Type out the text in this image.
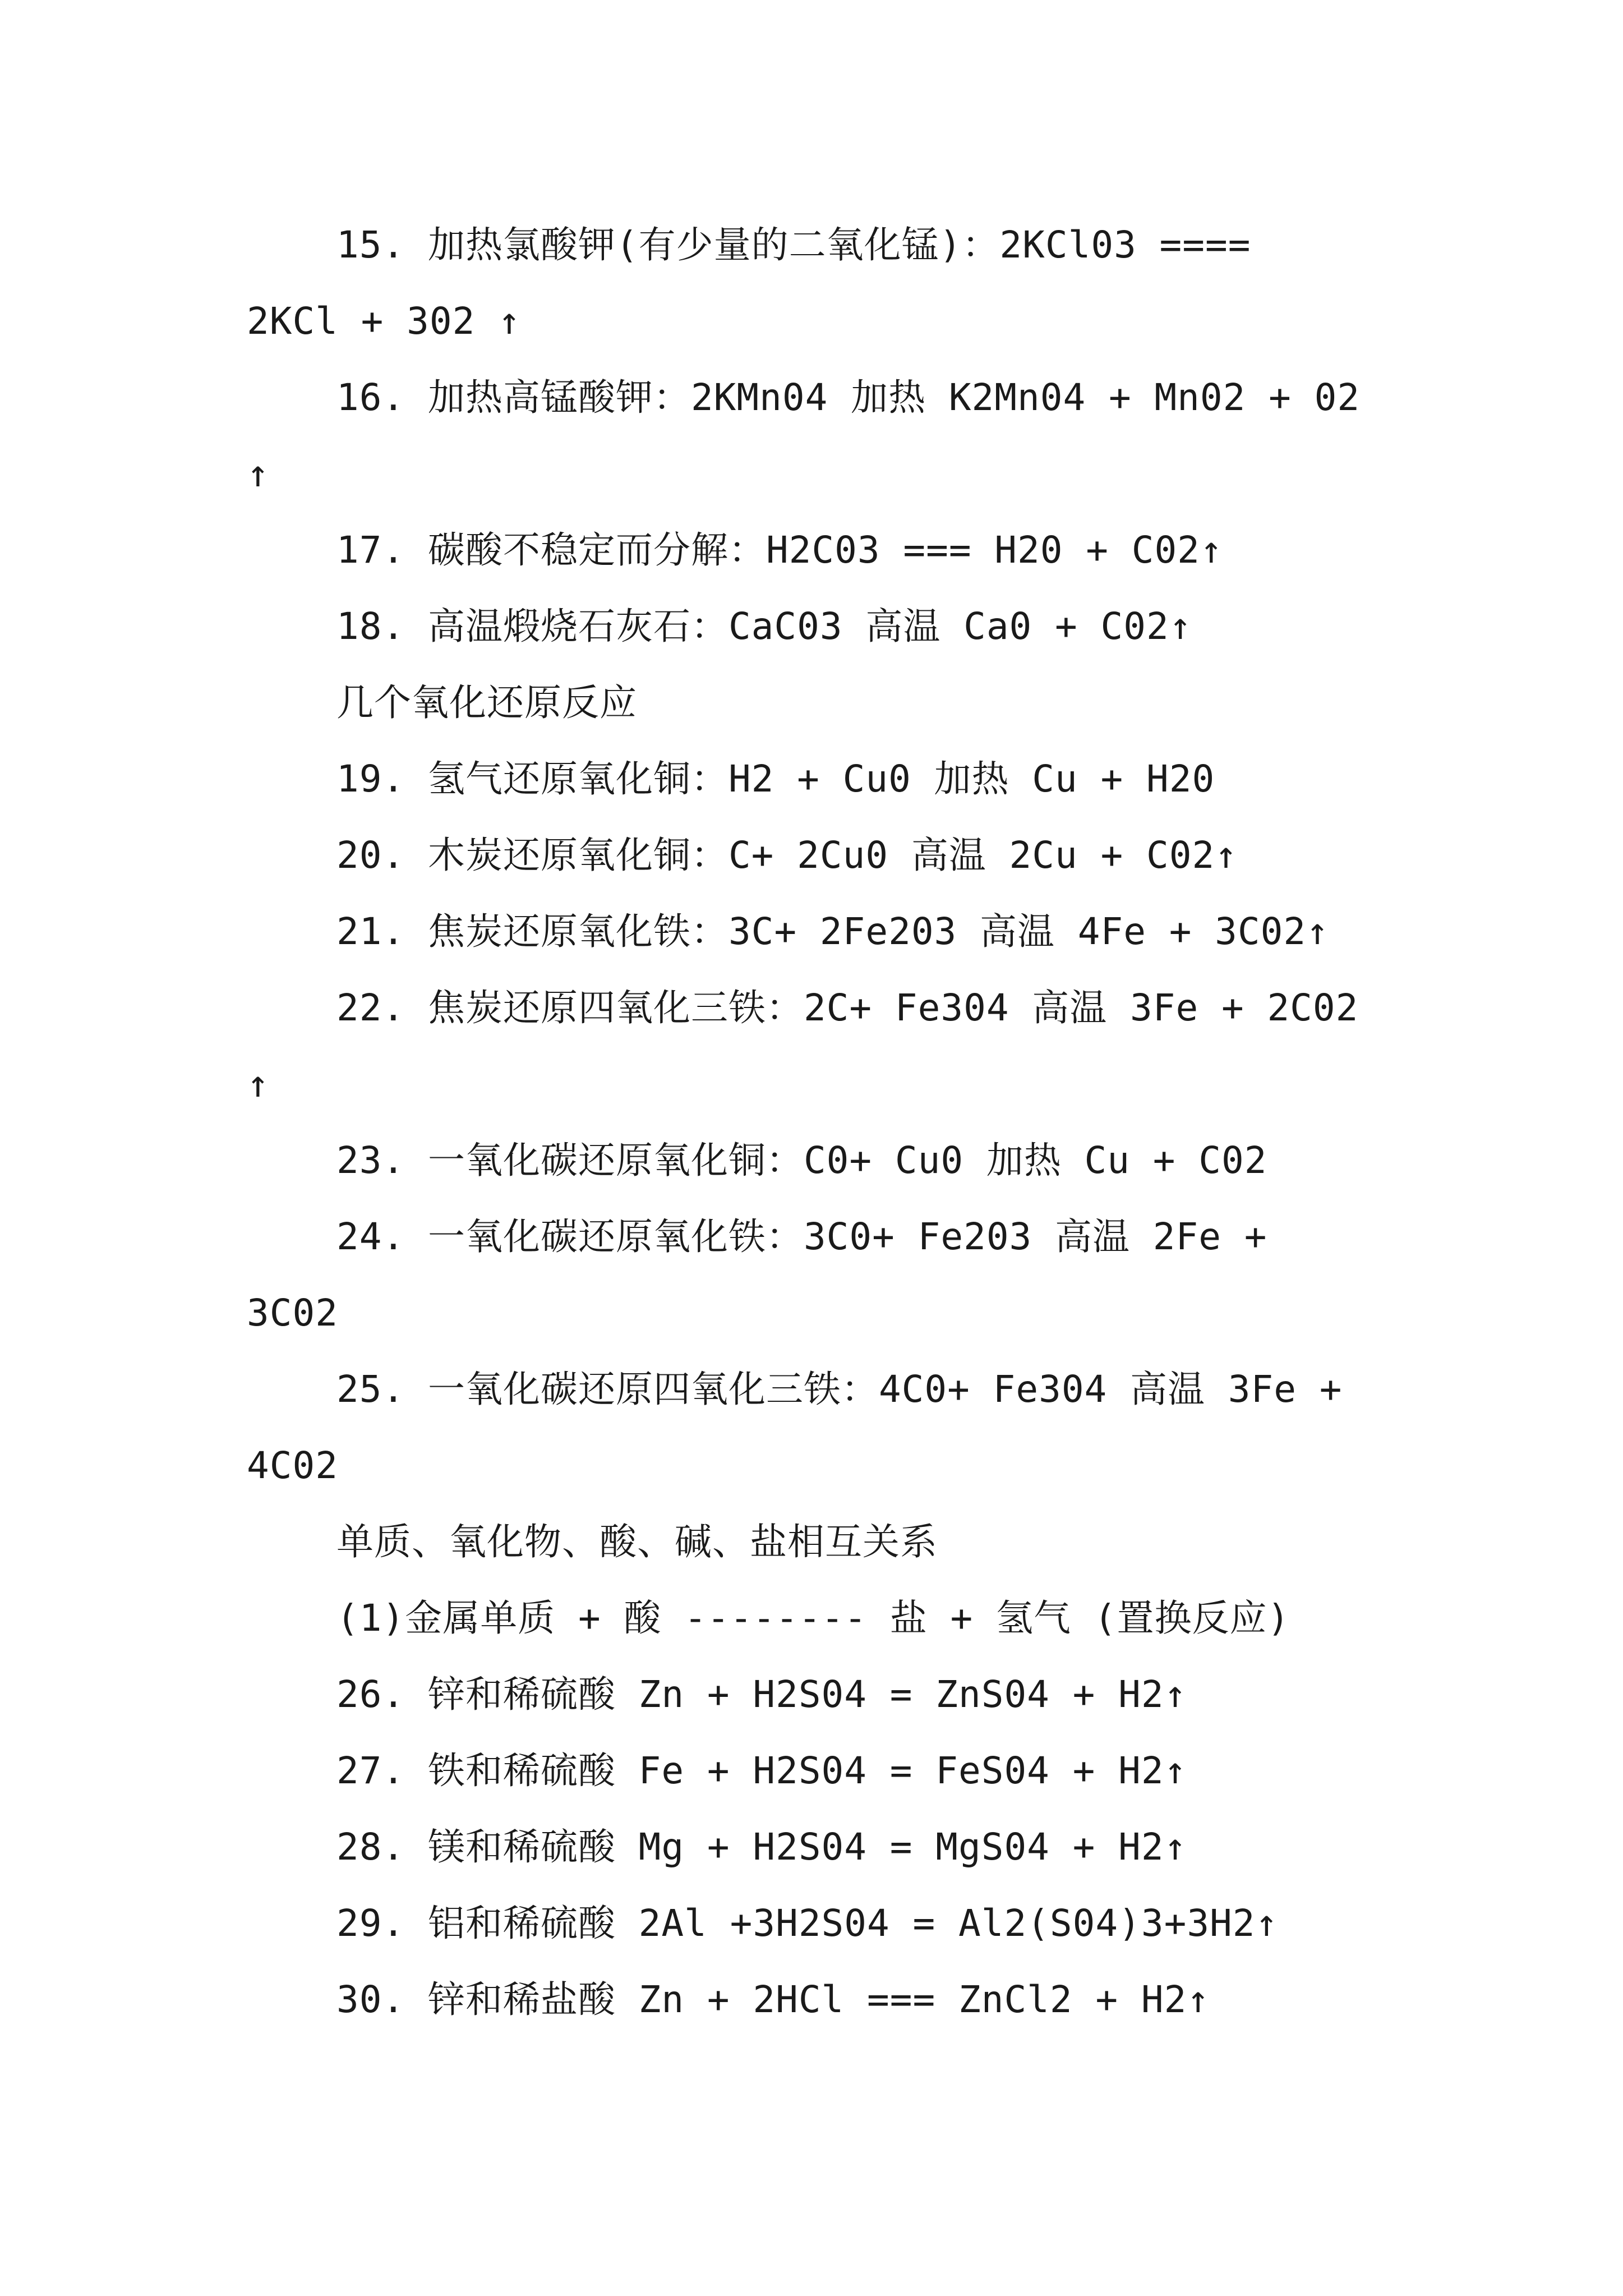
15. 加热氯酸钾(有少量的二氧化锰)：2KCl03 ====
2KCl + 302 ↑
16. 加热高锰酸钾：2KMn04 加热 K2Mn04 + Mn02 + 02
↑
17. 碳酸不稳定而分解：H2C03 === H20 + C02↑
18. 高温煅烧石灰石：CaC03 高温 Ca0 + C02↑
几个氧化还原反应
19. 氢气还原氧化铜：H2 + Cu0 加热 Cu + H20
20. 木炭还原氧化铜：C+ 2Cu0 高温 2Cu + C02↑
21. 焦炭还原氧化铁：3C+ 2Fe203 高温 4Fe + 3C02↑
22. 焦炭还原四氧化三铁：2C+ Fe304 高温 3Fe + 2C02
↑
23. 一氧化碳还原氧化铜：C0+ Cu0 加热 Cu + C02
24. 一氧化碳还原氧化铁：3C0+ Fe203 高温 2Fe +
3C02
25. 一氧化碳还原四氧化三铁：4C0+ Fe304 高温 3Fe +
4C02
单质、氧化物、酸、碱、盐相互关系
(1)金属单质 + 酸 -------- 盐 + 氢气 (置换反应)
26. 锌和稀硫酸 Zn + H2S04 = ZnS04 + H2↑
27. 铁和稀硫酸 Fe + H2S04 = FeS04 + H2↑
28. 镁和稀硫酸 Mg + H2S04 = MgS04 + H2↑
29. 铝和稀硫酸 2Al +3H2S04 = Al2(S04)3+3H2↑
30. 锌和稀盐酸 Zn + 2HCl === ZnCl2 + H2↑
